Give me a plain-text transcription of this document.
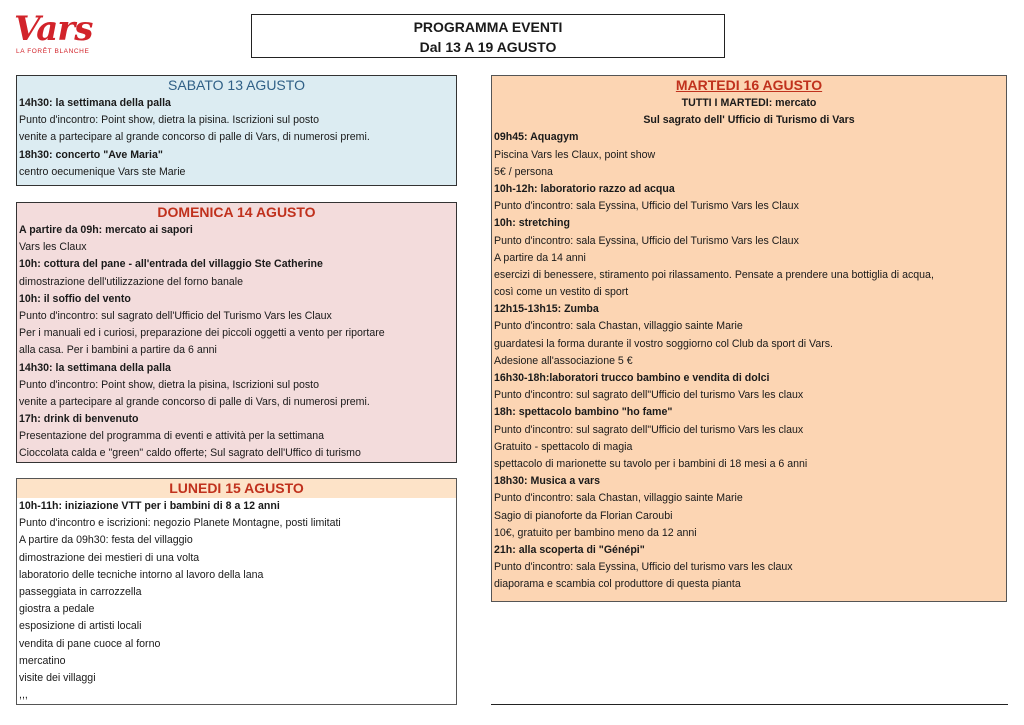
Vars
LA FORÊT BLANCHE
PROGRAMMA EVENTI
Dal 13 A 19 AGUSTO
SABATO 13 AGUSTO
14h30: la settimana della palla
Punto d'incontro: Point show, dietra la pisina. Iscrizioni sul posto
venite a partecipare al grande concorso di palle di Vars, di numerosi premi.
18h30: concerto "Ave Maria"
centro oecumenique Vars ste Marie
DOMENICA 14 AGUSTO
A partire da 09h: mercato ai sapori
Vars les Claux
10h: cottura del pane - all'entrada del villaggio Ste Catherine
dimostrazione dell'utilizzazione del forno banale
10h: il soffio del vento
Punto d'incontro: sul sagrato dell'Ufficio del Turismo Vars les Claux
Per i manuali ed i curiosi, preparazione dei piccoli oggetti a vento per riportare
alla casa. Per i bambini a partire da 6 anni
14h30: la settimana della palla
Punto d'incontro: Point show, dietra la pisina, Iscrizioni sul posto
venite a partecipare al grande concorso di palle di Vars, di numerosi premi.
17h: drink di benvenuto
Presentazione del programma di eventi e attività per la settimana
Cioccolata calda e "green" caldo offerte; Sul sagrato dell'Uffico di turismo
LUNEDI 15 AGUSTO
10h-11h: iniziazione VTT per i bambini di 8 a 12 anni
Punto d'incontro e iscrizioni: negozio Planete Montagne, posti limitati
A partire da 09h30: festa del villaggio
dimostrazione dei mestieri di una volta
laboratorio delle tecniche intorno al lavoro della lana
passeggiata in carrozzella
giostra a pedale
esposizione di artisti locali
vendita di pane cuoce al forno
mercatino
visite dei villaggi
,,,
MARTEDI 16 AGUSTO
TUTTI I MARTEDI: mercato
Sul sagrato dell' Ufficio di Turismo di Vars
09h45: Aquagym
Piscina Vars les Claux, point show
5€ / persona
10h-12h: laboratorio razzo ad acqua
Punto d'incontro: sala Eyssina, Ufficio del Turismo Vars les Claux
10h: stretching
Punto d'incontro: sala Eyssina, Ufficio del Turismo Vars les Claux
A partire da 14 anni
esercizi di benessere, stiramento poi rilassamento. Pensate a prendere una bottiglia di acqua,
così come un vestito di sport
12h15-13h15: Zumba
Punto d'incontro: sala Chastan, villaggio sainte Marie
guardatesi la forma durante il vostro soggiorno col Club da sport di Vars.
Adesione all'associazione 5 €
16h30-18h:laboratori trucco bambino e vendita di dolci
Punto d'incontro: sul sagrato dell"Ufficio del turismo Vars les claux
18h: spettacolo bambino "ho fame"
Punto d'incontro: sul sagrato dell"Ufficio del turismo Vars les claux
Gratuito - spettacolo di magia
spettacolo di marionette su tavolo per i bambini di 18 mesi a 6 anni
18h30: Musica a vars
Punto d'incontro: sala Chastan, villaggio sainte Marie
Sagio di pianoforte da Florian Caroubi
10€, gratuito per bambino meno da 12 anni
21h: alla scoperta di "Génépi"
Punto d'incontro: sala Eyssina, Ufficio del turismo vars les claux
diaporama e scambia col produttore di questa pianta
